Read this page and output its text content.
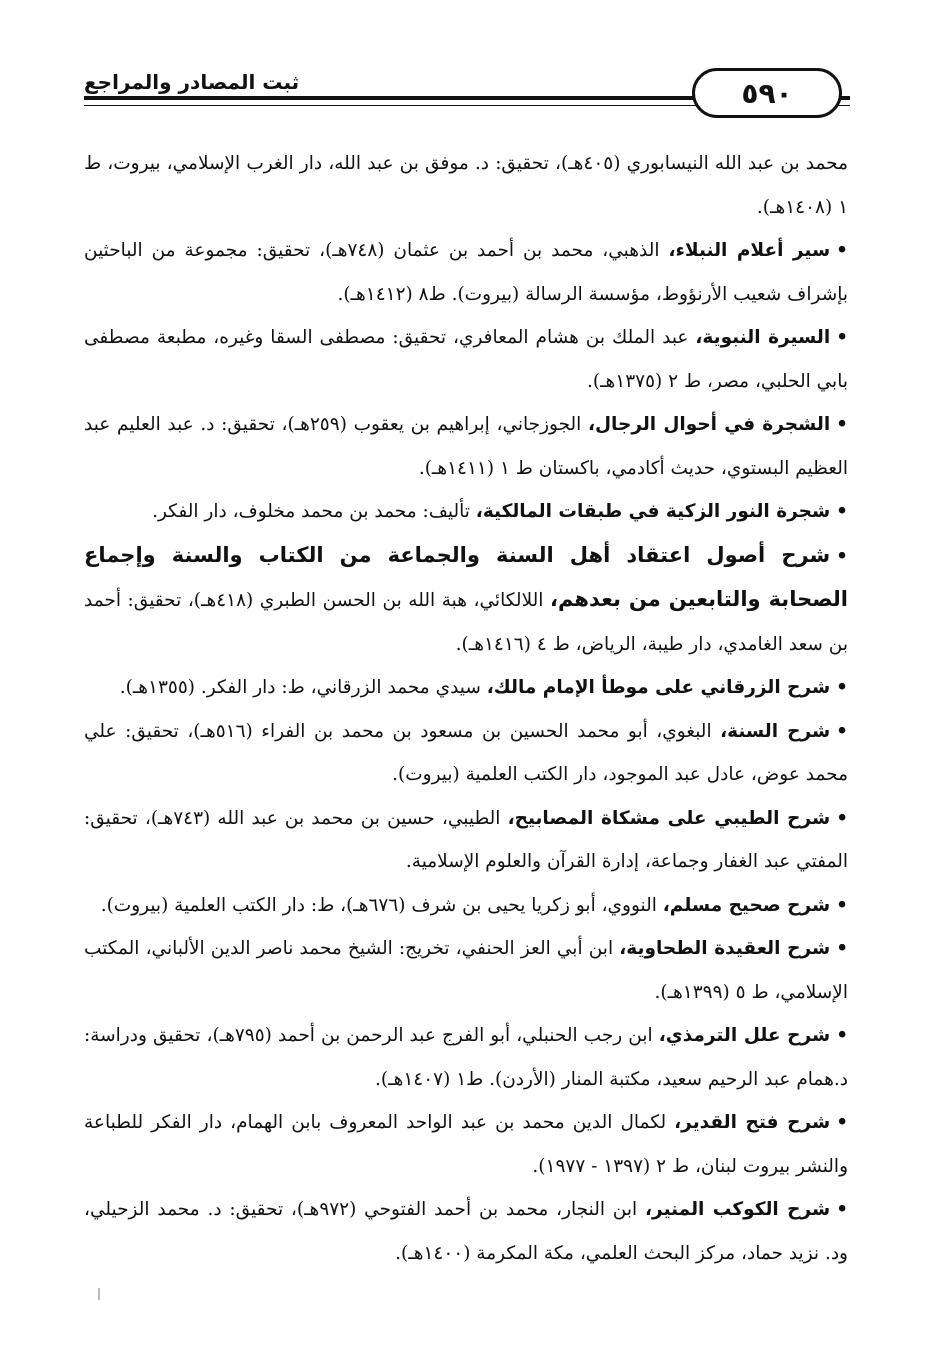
ثبت المصادر والمراجع	٥٩٠

محمد بن عبد الله النيسابوري (٤٠٥هـ)، تحقيق: د. موفق بن عبد الله، دار الغرب الإسلامي، بيروت، ط ١ (١٤٠٨هـ).

•سير أعلام النبلاء، الذهبي، محمد بن أحمد بن عثمان (٧٤٨هـ)، تحقيق: مجموعة من الباحثين بإشراف شعيب الأرنؤوط، مؤسسة الرسالة (بيروت). ط٨ (١٤١٢هـ).

•السيرة النبوية، عبد الملك بن هشام المعافري، تحقيق: مصطفى السقا وغيره، مطبعة مصطفى بابي الحلبي، مصر، ط ٢ (١٣٧٥هـ).

•الشجرة في أحوال الرجال، الجوزجاني، إبراهيم بن يعقوب (٢٥٩هـ)، تحقيق: د. عبد العليم عبد العظيم البستوي، حديث أكادمي، باكستان ط ١ (١٤١١هـ).

•شجرة النور الزكية في طبقات المالكية، تأليف: محمد بن محمد مخلوف، دار الفكر.

•شرح أصول اعتقاد أهل السنة والجماعة من الكتاب والسنة وإجماع الصحابة والتابعين من بعدهم، اللالكائي، هبة الله بن الحسن الطبري (٤١٨هـ)، تحقيق: أحمد بن سعد الغامدي، دار طيبة، الرياض، ط ٤ (١٤١٦هـ).

•شرح الزرقاني على موطأ الإمام مالك، سيدي محمد الزرقاني، ط: دار الفكر. (١٣٥٥هـ).

•شرح السنة، البغوي، أبو محمد الحسين بن مسعود بن محمد بن الفراء (٥١٦هـ)، تحقيق: علي محمد عوض، عادل عبد الموجود، دار الكتب العلمية (بيروت).

•شرح الطيبي على مشكاة المصابيح، الطيبي، حسين بن محمد بن عبد الله (٧٤٣هـ)، تحقيق: المفتي عبد الغفار وجماعة، إدارة القرآن والعلوم الإسلامية.

•شرح صحيح مسلم، النووي، أبو زكريا يحيى بن شرف (٦٧٦هـ)، ط: دار الكتب العلمية (بيروت).

•شرح العقيدة الطحاوية، ابن أبي العز الحنفي، تخريج: الشيخ محمد ناصر الدين الألباني، المكتب الإسلامي، ط ٥ (١٣٩٩هـ).

•شرح علل الترمذي، ابن رجب الحنبلي، أبو الفرج عبد الرحمن بن أحمد (٧٩٥هـ)، تحقيق ودراسة: د.همام عبد الرحيم سعيد، مكتبة المنار (الأردن). ط١ (١٤٠٧هـ).

•شرح فتح القدير، لكمال الدين محمد بن عبد الواحد المعروف بابن الهمام، دار الفكر للطباعة والنشر بيروت لبنان، ط ٢ (١٣٩٧ - ١٩٧٧).

•شرح الكوكب المنير، ابن النجار، محمد بن أحمد الفتوحي (٩٧٢هـ)، تحقيق: د. محمد الزحيلي، ود. نزيد حماد، مركز البحث العلمي، مكة المكرمة (١٤٠٠هـ).
